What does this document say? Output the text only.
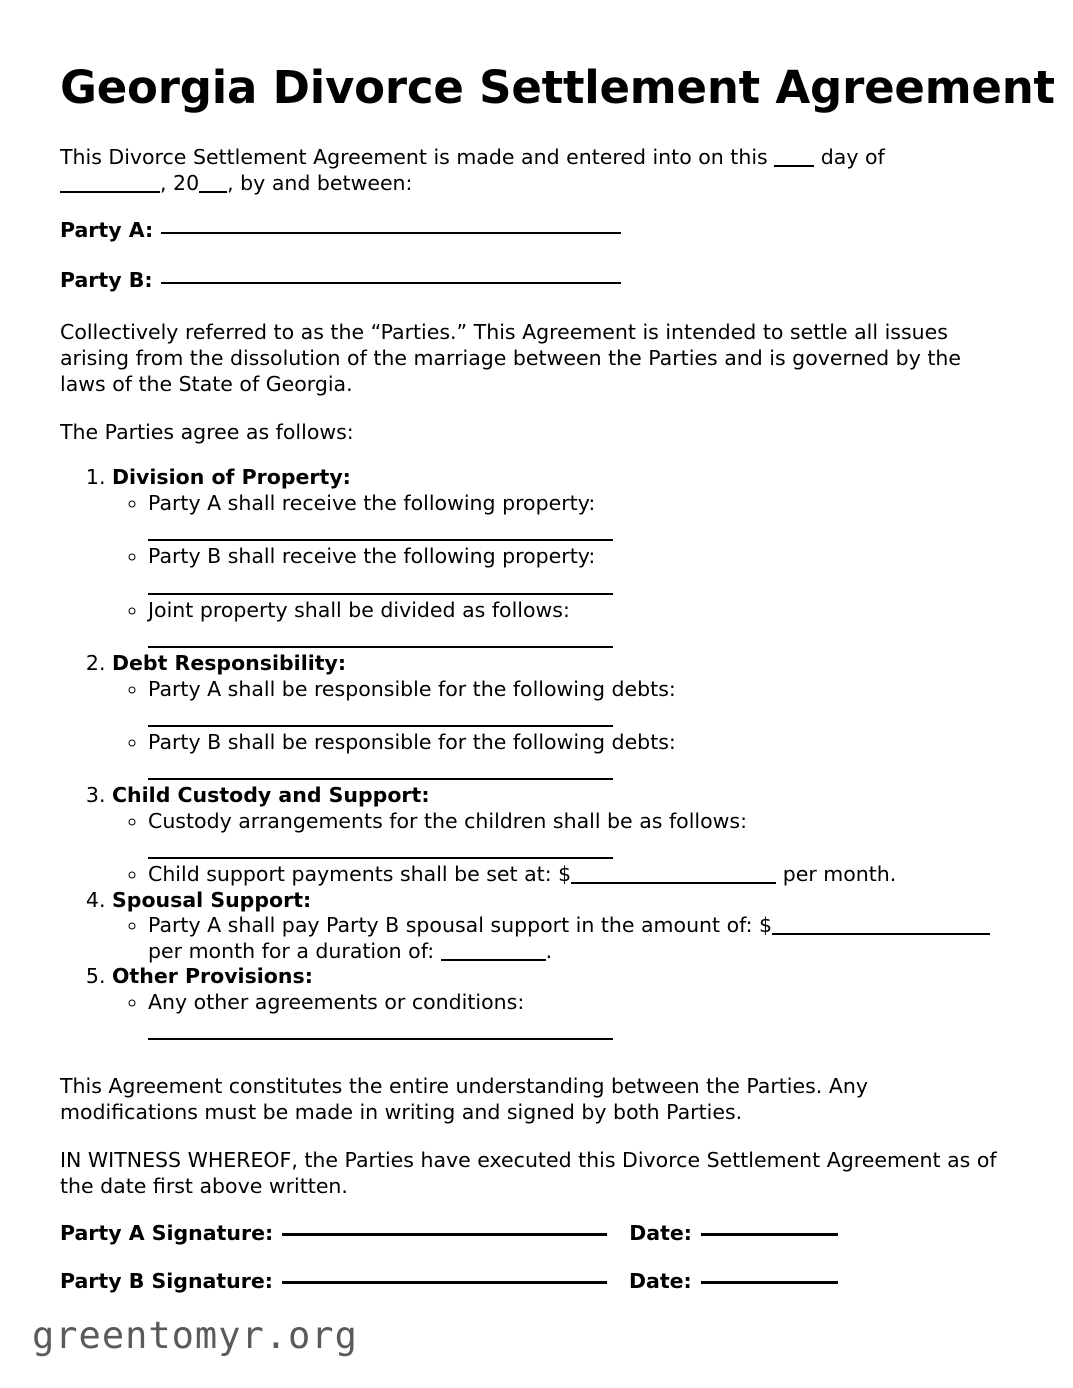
Georgia Divorce Settlement Agreement

This Divorce Settlement Agreement is made and entered into on this	day of
, 20 , by and between:

Party A:
Party B:

Collectively referred to as the “Parties.” This Agreement is intended to settle all issues arising from the dissolution of the marriage between the Parties and is governed by the laws of the State of Georgia.

The Parties agree as follows:

1. Division of Property:
◦ Party A shall receive the following property:
◦ Party B shall receive the following property:
◦ Joint property shall be divided as follows:
2. Debt Responsibility:
◦ Party A shall be responsible for the following debts:
◦ Party B shall be responsible for the following debts:
3. Child Custody and Support:
◦ Custody arrangements for the children shall be as follows:
◦ Child support payments shall be set at: $	per month.
4. Spousal Support:
◦ Party A shall pay Party B spousal support in the amount of: $ per month for a duration of:	.
5. Other Provisions:
◦ Any other agreements or conditions:

This Agreement constitutes the entire understanding between the Parties. Any modifications must be made in writing and signed by both Parties.

IN WITNESS WHEREOF, the Parties have executed this Divorce Settlement Agreement as of the date first above written.

Party A Signature:	Date:
Party B Signature:	Date:
greentomyr.org
